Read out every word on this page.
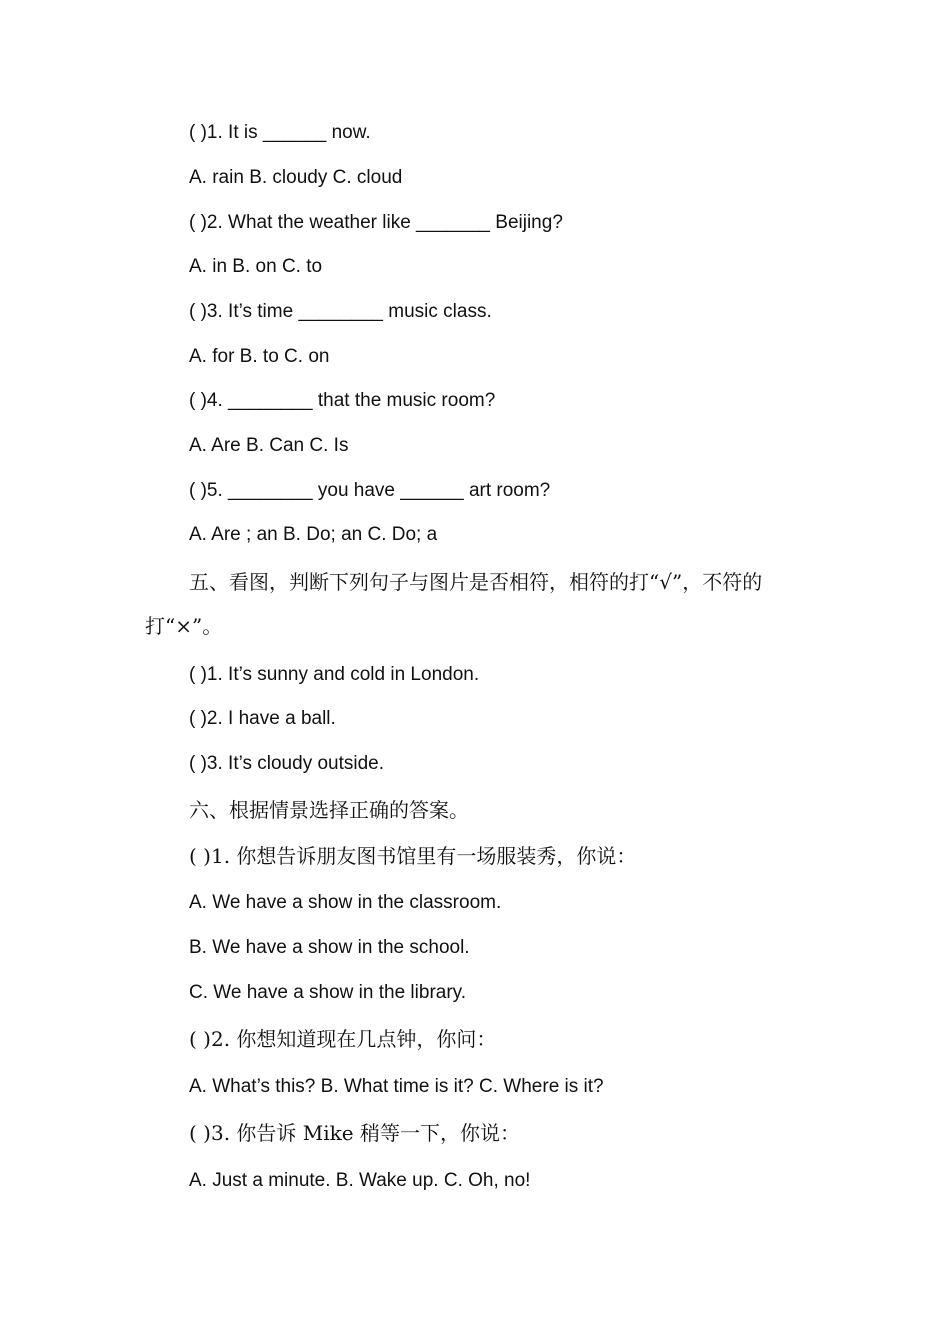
( )1. It is ______ now.
A. rain B. cloudy C. cloud
( )2. What the weather like _______ Beijing?
A. in B. on C. to
( )3. It’s time ________ music class.
A. for B. to C. on
( )4. ________ that the music room?
A. Are B. Can C. Is
( )5. ________ you have ______ art room?
A. Are ; an B. Do; an C. Do; a
五、看图，判断下列句子与图片是否相符，相符的打“√”，不符的打“×”。
( )1. It’s sunny and cold in London.
( )2. I have a ball.
( )3. It’s cloudy outside.
六、根据情景选择正确的答案。
( )1. 你想告诉朋友图书馆里有一场服装秀，你说：
A. We have a show in the classroom.
B. We have a show in the school.
C. We have a show in the library.
( )2. 你想知道现在几点钟，你问：
A. What’s this? B. What time is it? C. Where is it?
( )3. 你告诉 Mike 稍等一下，你说：
A. Just a minute. B. Wake up. C. Oh, no!
